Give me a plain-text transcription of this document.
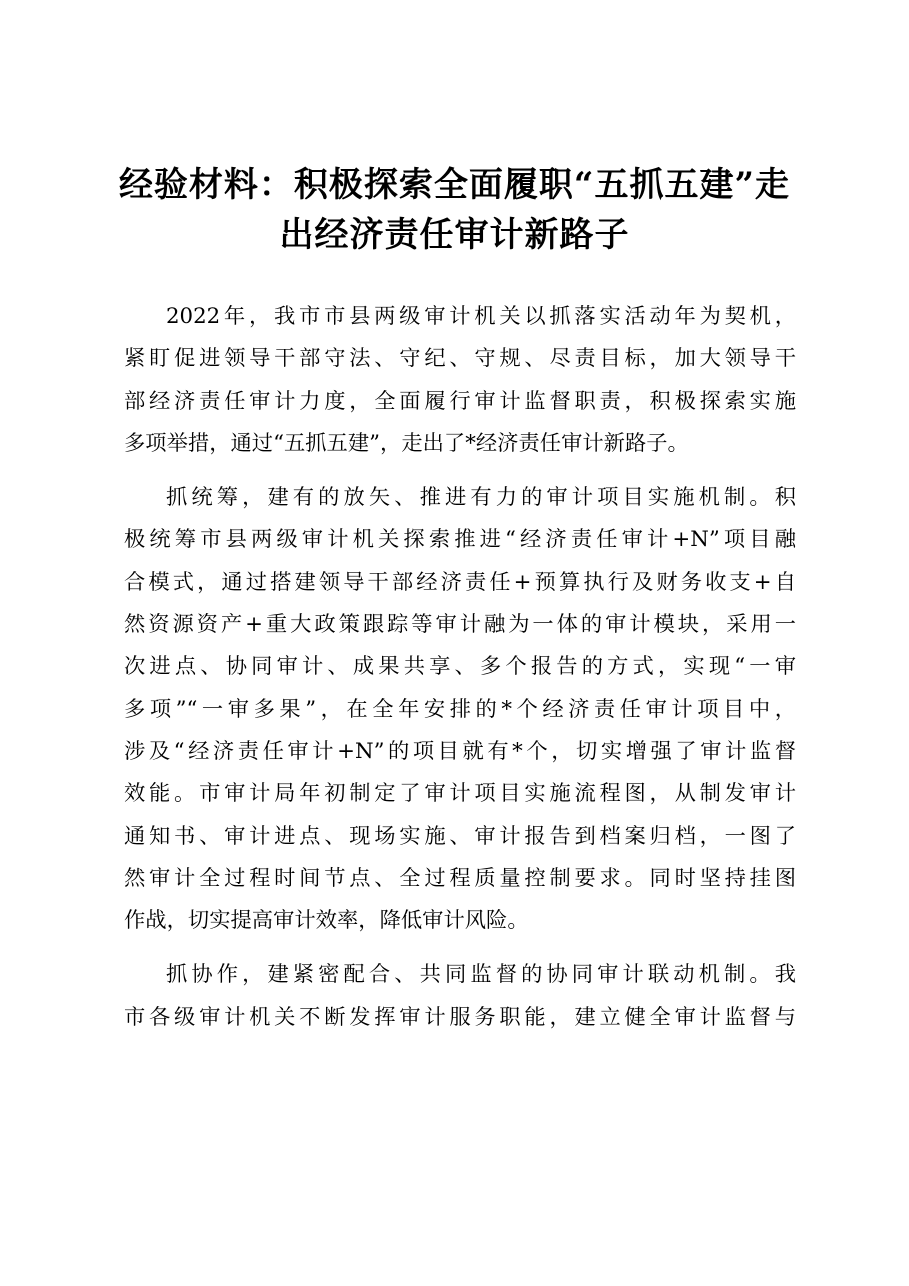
经验材料：积极探索全面履职“五抓五建”走
出经济责任审计新路子
2022年，我市市县两级审计机关以抓落实活动年为契机，
紧盯促进领导干部守法、守纪、守规、尽责目标，加大领导干
部经济责任审计力度，全面履行审计监督职责，积极探索实施
多项举措，通过“五抓五建”，走出了*经济责任审计新路子。
抓统筹，建有的放矢、推进有力的审计项目实施机制。积
极统筹市县两级审计机关探索推进“经济责任审计+N”项目融
合模式，通过搭建领导干部经济责任+预算执行及财务收支+自
然资源资产+重大政策跟踪等审计融为一体的审计模块，采用一
次进点、协同审计、成果共享、多个报告的方式，实现“一审
多项”“一审多果”，在全年安排的*个经济责任审计项目中，
涉及“经济责任审计+N”的项目就有*个，切实增强了审计监督
效能。市审计局年初制定了审计项目实施流程图，从制发审计
通知书、审计进点、现场实施、审计报告到档案归档，一图了
然审计全过程时间节点、全过程质量控制要求。同时坚持挂图
作战，切实提高审计效率，降低审计风险。
抓协作，建紧密配合、共同监督的协同审计联动机制。我
市各级审计机关不断发挥审计服务职能，建立健全审计监督与
